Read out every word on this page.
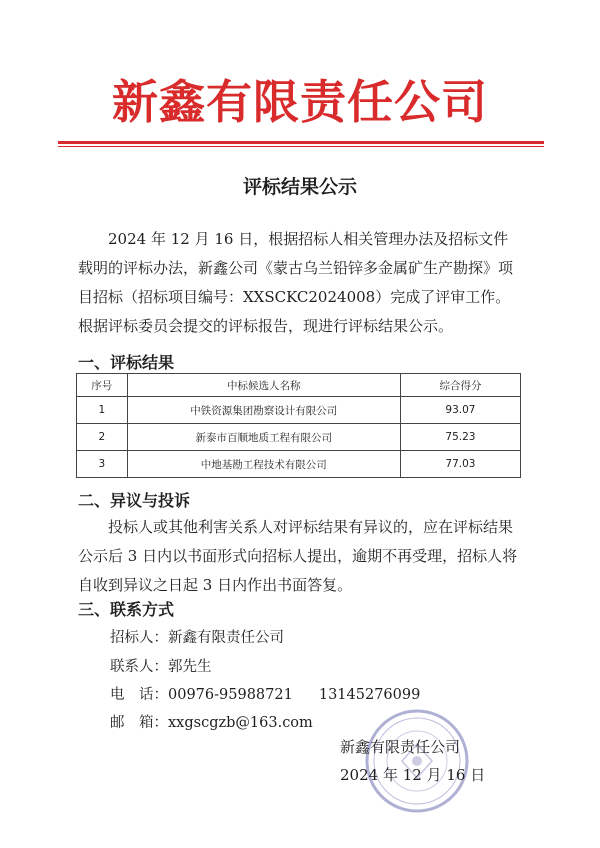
新鑫有限责任公司
评标结果公示
2024 年 12 月 16 日，根据招标人相关管理办法及招标文件载明的评标办法，新鑫公司《蒙古乌兰铅锌多金属矿生产勘探》项目招标（招标项目编号：XXSCKC2024008）完成了评审工作。根据评标委员会提交的评标报告，现进行评标结果公示。
一、评标结果
序号	中标候选人名称	综合得分
1	中铁资源集团勘察设计有限公司	93.07
2	新泰市百顺地质工程有限公司	75.23
3	中地基勘工程技术有限公司	77.03
二、异议与投诉
投标人或其他利害关系人对评标结果有异议的，应在评标结果公示后 3 日内以书面形式向招标人提出，逾期不再受理，招标人将自收到异议之日起 3 日内作出书面答复。
三、联系方式
招标人：新鑫有限责任公司
联系人：郭先生
电　话：00976-95988721 13145276099
邮　箱：xxgscgzb@163.com
新鑫有限责任公司
2024 年 12 月 16 日
